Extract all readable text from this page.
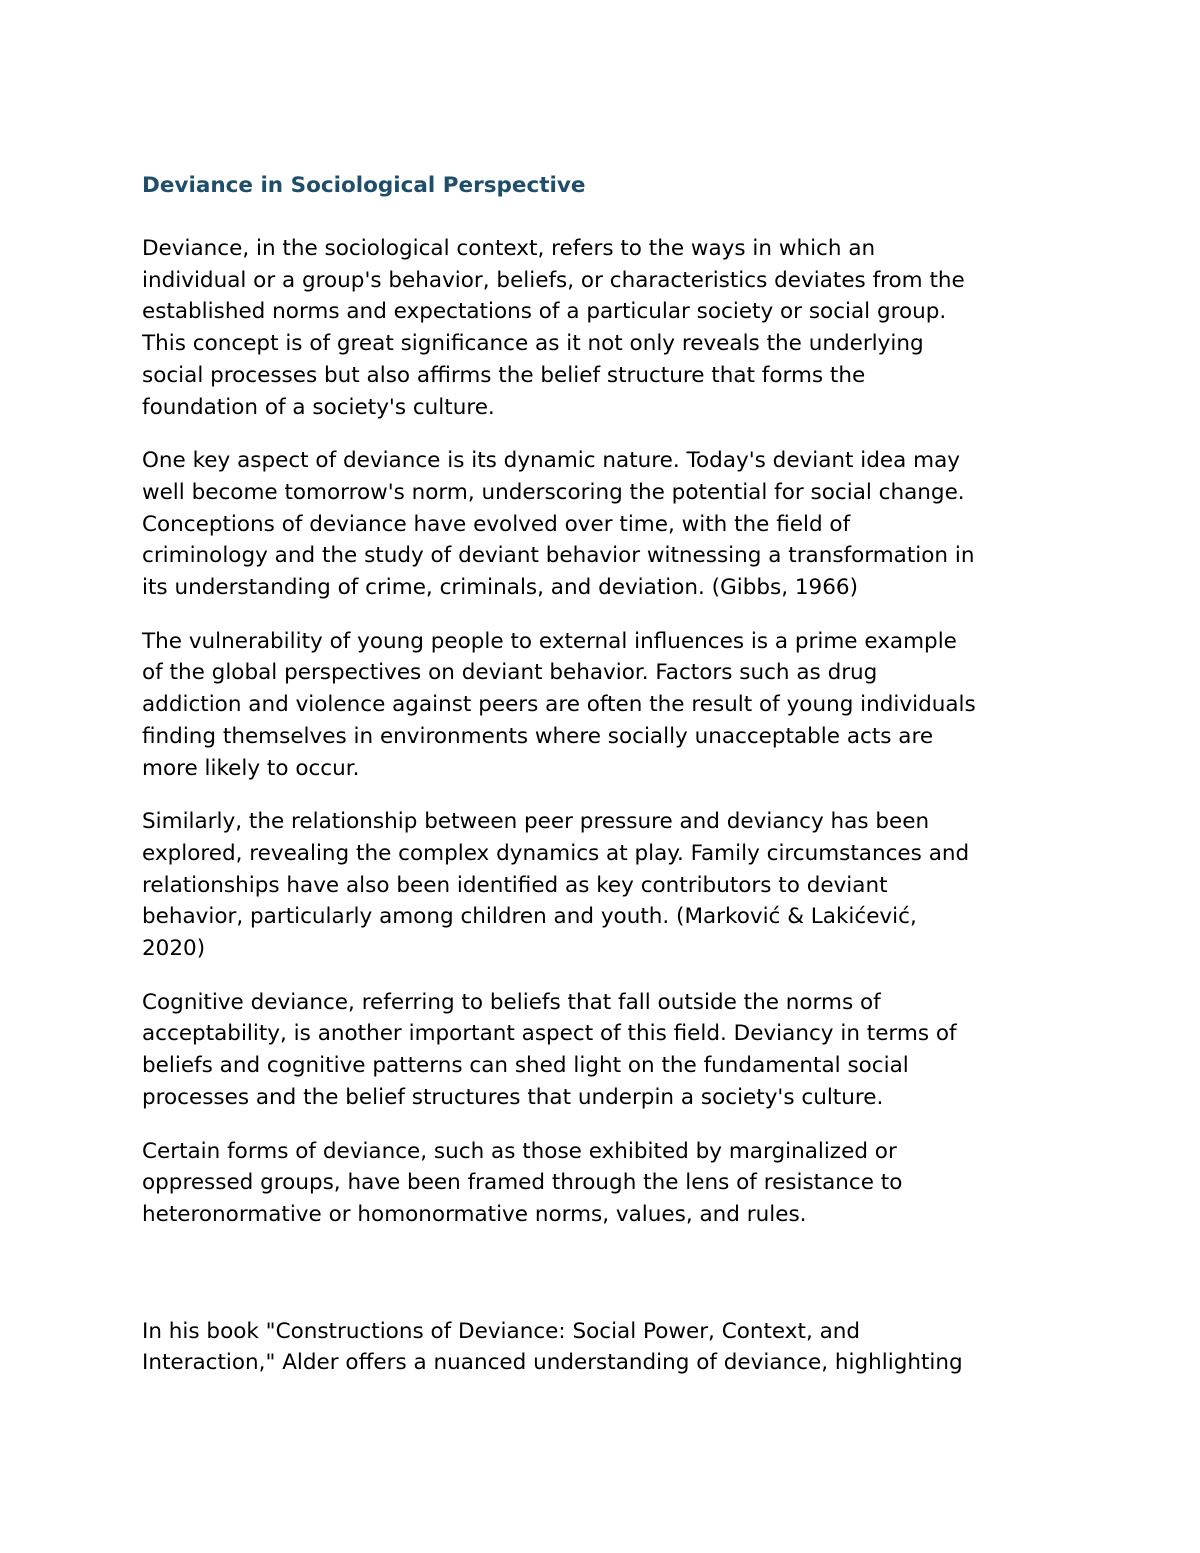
Deviance in Sociological Perspective
Deviance, in the sociological context, refers to the ways in which an
individual or a group's behavior, beliefs, or characteristics deviates from the
established norms and expectations of a particular society or social group.
This concept is of great significance as it not only reveals the underlying
social processes but also affirms the belief structure that forms the
foundation of a society's culture.
One key aspect of deviance is its dynamic nature. Today's deviant idea may
well become tomorrow's norm, underscoring the potential for social change.
Conceptions of deviance have evolved over time, with the field of
criminology and the study of deviant behavior witnessing a transformation in
its understanding of crime, criminals, and deviation. (Gibbs, 1966)
The vulnerability of young people to external influences is a prime example
of the global perspectives on deviant behavior. Factors such as drug
addiction and violence against peers are often the result of young individuals
finding themselves in environments where socially unacceptable acts are
more likely to occur.
Similarly, the relationship between peer pressure and deviancy has been
explored, revealing the complex dynamics at play. Family circumstances and
relationships have also been identified as key contributors to deviant
behavior, particularly among children and youth. (Marković & Lakićević,
2020)
Cognitive deviance, referring to beliefs that fall outside the norms of
acceptability, is another important aspect of this field. Deviancy in terms of
beliefs and cognitive patterns can shed light on the fundamental social
processes and the belief structures that underpin a society's culture.
Certain forms of deviance, such as those exhibited by marginalized or
oppressed groups, have been framed through the lens of resistance to
heteronormative or homonormative norms, values, and rules.
In his book "Constructions of Deviance: Social Power, Context, and
Interaction," Alder offers a nuanced understanding of deviance, highlighting
